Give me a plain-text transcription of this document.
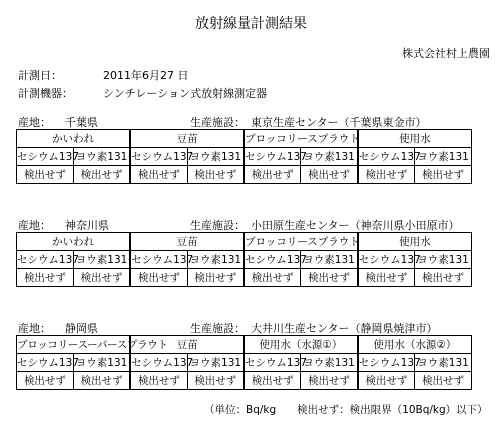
放射線量計測結果
株式会社村上農園
計測日：	2011年6月27 日
計測機器：	シンチレーション式放射線測定器
産地： 千葉県	生産施設： 東京生産センター（千葉県東金市）
かいわれ		豆苗		ブロッコリースプラウト		使用水	
セシウム137	ヨウ素131	セシウム137	ヨウ素131	セシウム137	ヨウ素131	セシウム137	ヨウ素131
検出せず	検出せず	検出せず	検出せず	検出せず	検出せず	検出せず	検出せず
産地： 神奈川県	生産施設： 小田原生産センター（神奈川県小田原市）
かいわれ		豆苗		ブロッコリースプラウト		使用水	
セシウム137	ヨウ素131	セシウム137	ヨウ素131	セシウム137	ヨウ素131	セシウム137	ヨウ素131
検出せず	検出せず	検出せず	検出せず	検出せず	検出せず	検出せず	検出せず
産地： 静岡県	生産施設： 大井川生産センター（静岡県焼津市）
ブロッコリースーパースプラウト		豆苗		使用水（水源①）		使用水（水源②）	
セシウム137	ヨウ素131	セシウム137	ヨウ素131	セシウム137	ヨウ素131	セシウム137	ヨウ素131
検出せず	検出せず	検出せず	検出せず	検出せず	検出せず	検出せず	検出せず
（単位：Bq/kg　　検出せず：検出限界（10Bq/kg）以下）
